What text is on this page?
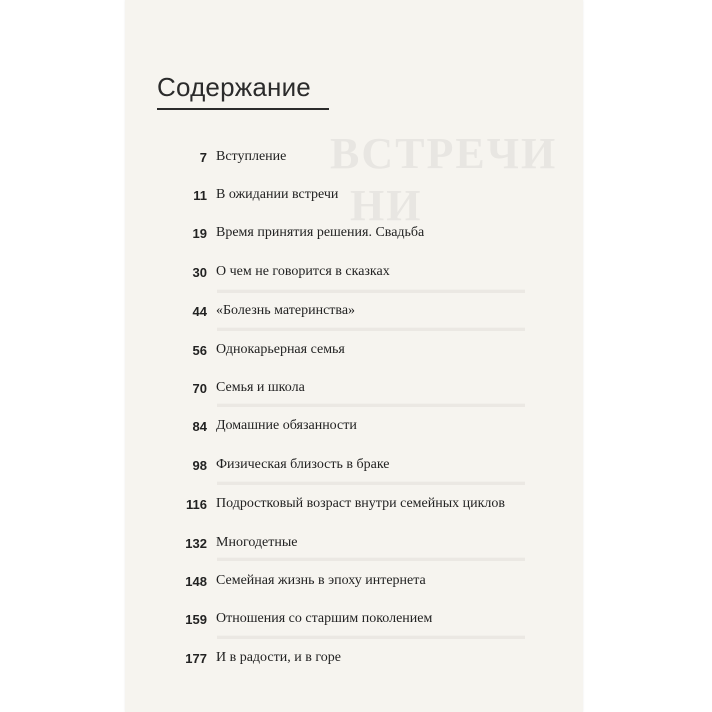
ВСТРЕЧИ
НИ
▬▬▬▬▬▬▬▬▬▬▬▬▬▬▬▬▬▬▬▬▬▬▬▬▬▬▬▬
▬▬▬▬▬▬▬▬▬▬▬▬▬▬▬▬▬▬▬▬▬▬▬▬▬▬▬▬
▬▬▬▬▬▬▬▬▬▬▬▬▬▬▬▬▬▬▬▬▬▬▬▬▬▬▬▬
▬▬▬▬▬▬▬▬▬▬▬▬▬▬▬▬▬▬▬▬▬▬▬▬▬▬▬▬
▬▬▬▬▬▬▬▬▬▬▬▬▬▬▬▬▬▬▬▬▬▬▬▬▬▬▬▬
▬▬▬▬▬▬▬▬▬▬▬▬▬▬▬▬▬▬▬▬▬▬▬▬▬▬▬▬
Содержание
7 Вступление
11 В ожидании встречи
19 Время принятия решения. Свадьба
30 О чем не говорится в сказках
44 «Болезнь материнства»
56 Однокарьерная семья
70 Семья и школа
84 Домашние обязанности
98 Физическая близость в браке
116 Подростковый возраст внутри семейных циклов
132 Многодетные
148 Семейная жизнь в эпоху интернета
159 Отношения со старшим поколением
177 И в радости, и в горе
